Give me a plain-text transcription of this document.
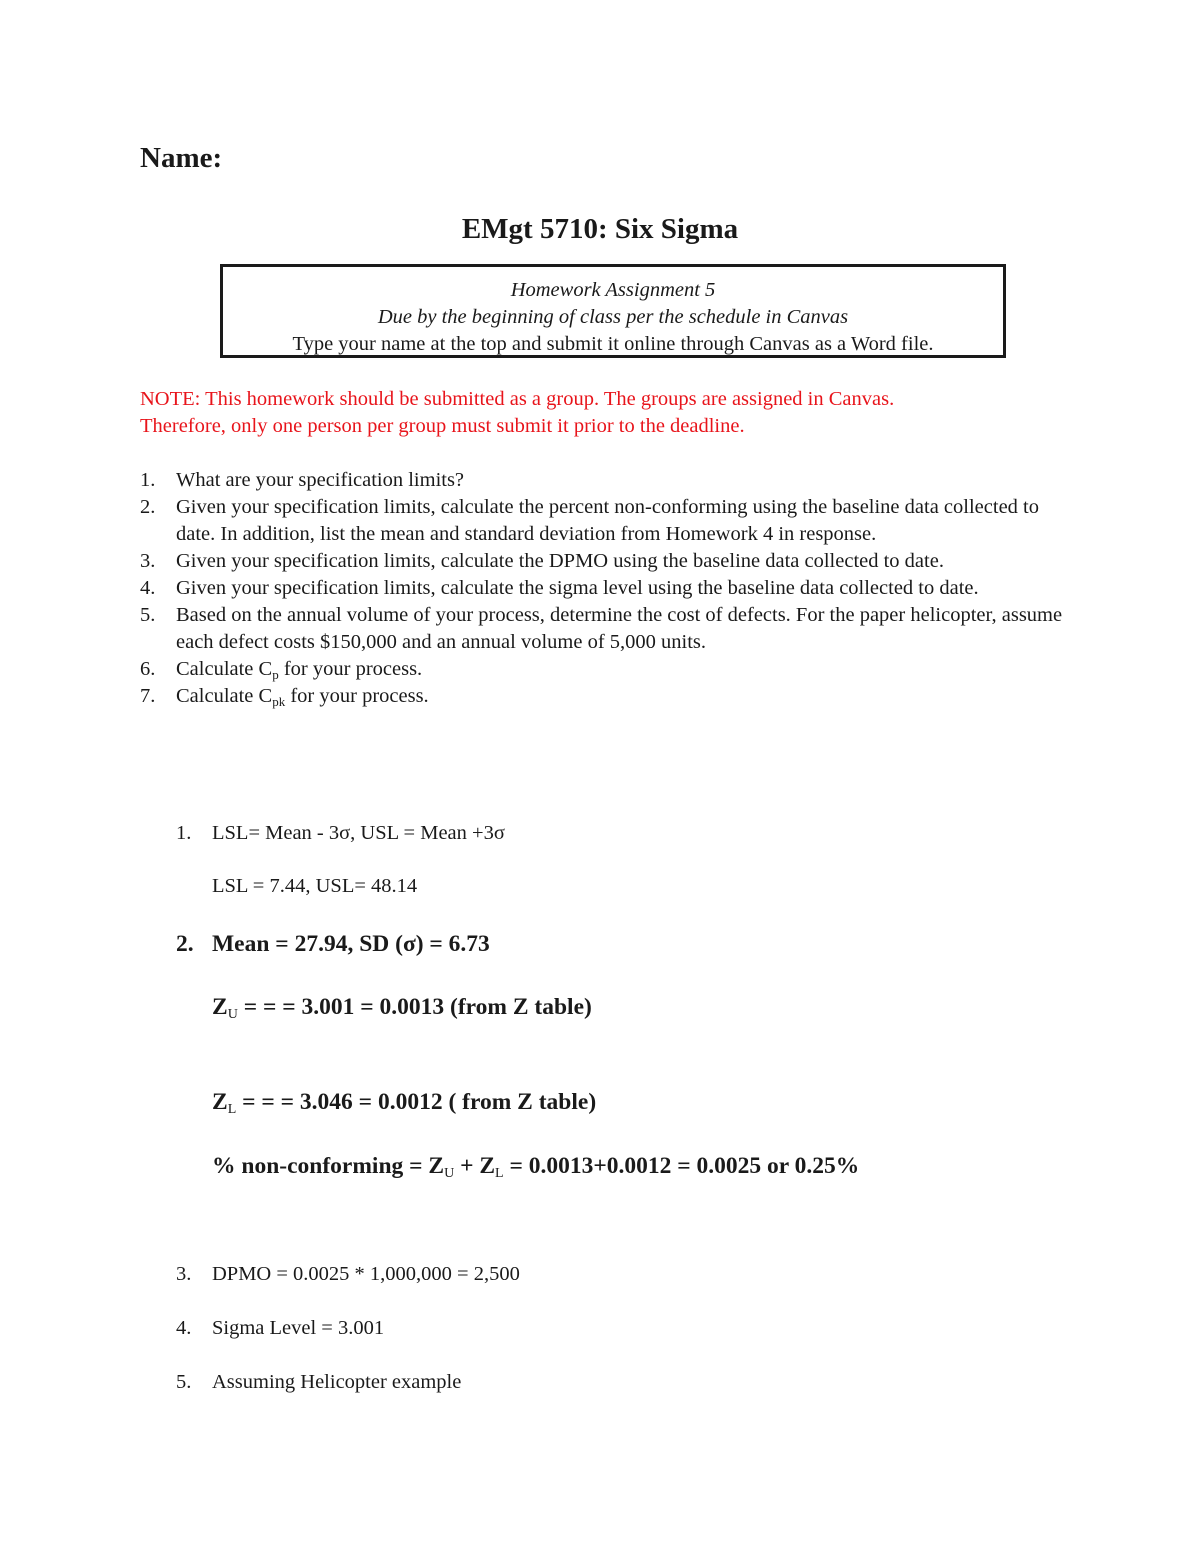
Name:
EMgt 5710: Six Sigma
Homework Assignment 5
Due by the beginning of class per the schedule in Canvas
Type your name at the top and submit it online through Canvas as a Word file.
NOTE: This homework should be submitted as a group. The groups are assigned in Canvas.
Therefore, only one person per group must submit it prior to the deadline.
1. What are your specification limits?
2. Given your specification limits, calculate the percent non-conforming using the baseline data collected to date. In addition, list the mean and standard deviation from Homework 4 in response.
3. Given your specification limits, calculate the DPMO using the baseline data collected to date.
4. Given your specification limits, calculate the sigma level using the baseline data collected to date.
5. Based on the annual volume of your process, determine the cost of defects. For the paper helicopter, assume each defect costs $150,000 and an annual volume of 5,000 units.
6. Calculate $C_p$ for your process.
7. Calculate $C_{pk}$ for your process.
1. LSL= Mean - 3σ, USL = Mean +3σ
LSL = 7.44, USL= 48.14
2. Mean = 27.94, SD (σ) = 6.73
$Z_U$ = = = 3.001 = 0.0013 (from Z table)
$Z_L$ = = = 3.046 = 0.0012 ( from Z table)
% non-conforming = $Z_U + Z_L = 0.0013+0.0012 = 0.0025$ or 0.25%
3. DPMO = 0.0025 * 1,000,000 = 2,500
4. Sigma Level = 3.001
5. Assuming Helicopter example
